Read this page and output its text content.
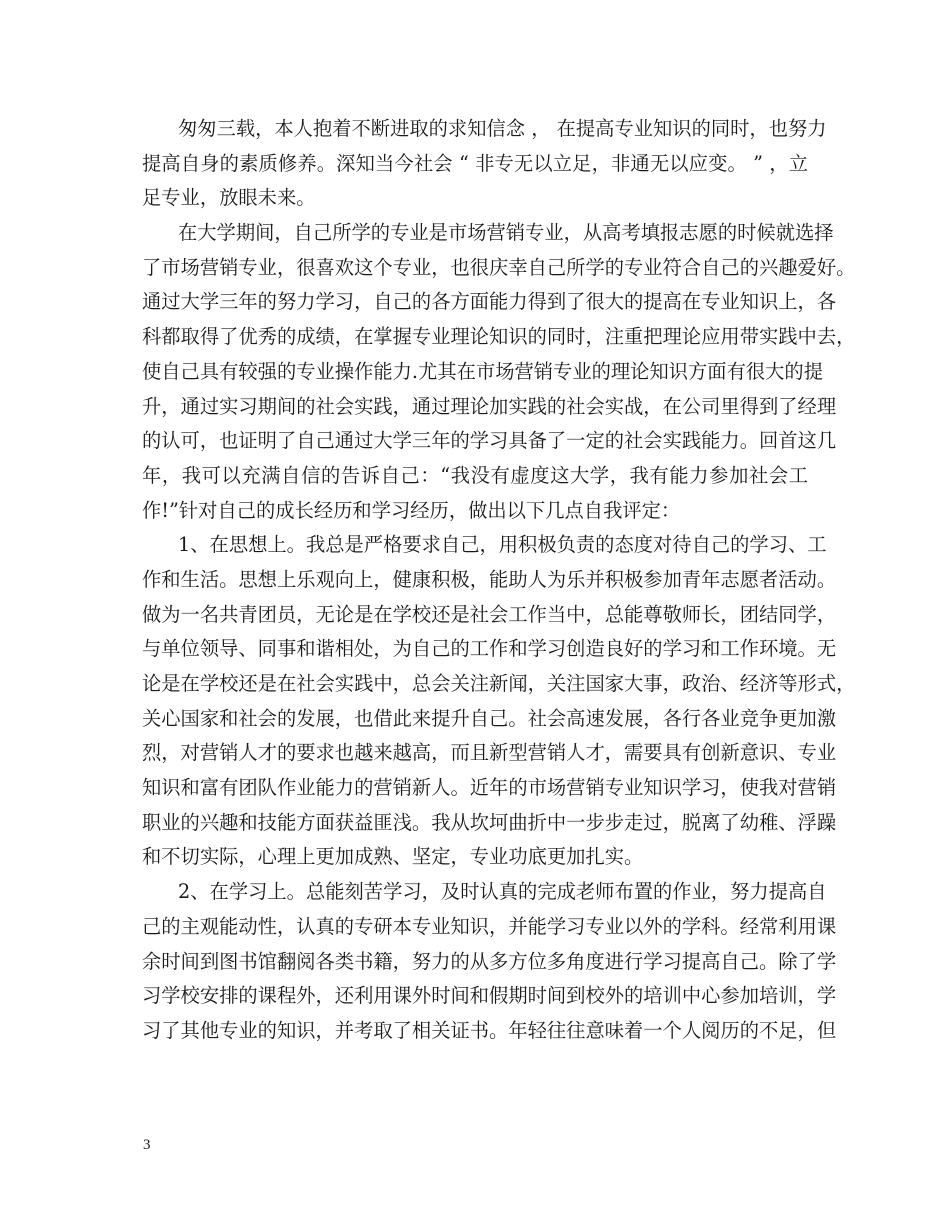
匆匆三载，本人抱着不断进取的求知信念 ， 在提高专业知识的同时，也努力
提高自身的素质修养。深知当今社会 “ 非专无以立足，非通无以应变。 ” ，立
足专业，放眼未来。
在大学期间，自己所学的专业是市场营销专业，从高考填报志愿的时候就选择
了市场营销专业，很喜欢这个专业，也很庆幸自己所学的专业符合自己的兴趣爱好。
通过大学三年的努力学习，自己的各方面能力得到了很大的提高在专业知识上，各
科都取得了优秀的成绩，在掌握专业理论知识的同时，注重把理论应用带实践中去，
使自己具有较强的专业操作能力.尤其在市场营销专业的理论知识方面有很大的提
升，通过实习期间的社会实践，通过理论加实践的社会实战，在公司里得到了经理
的认可，也证明了自己通过大学三年的学习具备了一定的社会实践能力。回首这几
年，我可以充满自信的告诉自己：“我没有虚度这大学，我有能力参加社会工
作!”针对自己的成长经历和学习经历，做出以下几点自我评定：
1、在思想上。我总是严格要求自己，用积极负责的态度对待自己的学习、工
作和生活。思想上乐观向上，健康积极，能助人为乐并积极参加青年志愿者活动。
做为一名共青团员，无论是在学校还是社会工作当中，总能尊敬师长，团结同学，
与单位领导、同事和谐相处，为自己的工作和学习创造良好的学习和工作环境。无
论是在学校还是在社会实践中，总会关注新闻，关注国家大事，政治、经济等形式，
关心国家和社会的发展，也借此来提升自己。社会高速发展，各行各业竞争更加激
烈，对营销人才的要求也越来越高，而且新型营销人才，需要具有创新意识、专业
知识和富有团队作业能力的营销新人。近年的市场营销专业知识学习，使我对营销
职业的兴趣和技能方面获益匪浅。我从坎坷曲折中一步步走过，脱离了幼稚、浮躁
和不切实际，心理上更加成熟、坚定，专业功底更加扎实。
2、在学习上。总能刻苦学习，及时认真的完成老师布置的作业，努力提高自
己的主观能动性，认真的专研本专业知识，并能学习专业以外的学科。经常利用课
余时间到图书馆翻阅各类书籍，努力的从多方位多角度进行学习提高自己。除了学
习学校安排的课程外，还利用课外时间和假期时间到校外的培训中心参加培训，学
习了其他专业的知识，并考取了相关证书。年轻往往意味着一个人阅历的不足，但
3
